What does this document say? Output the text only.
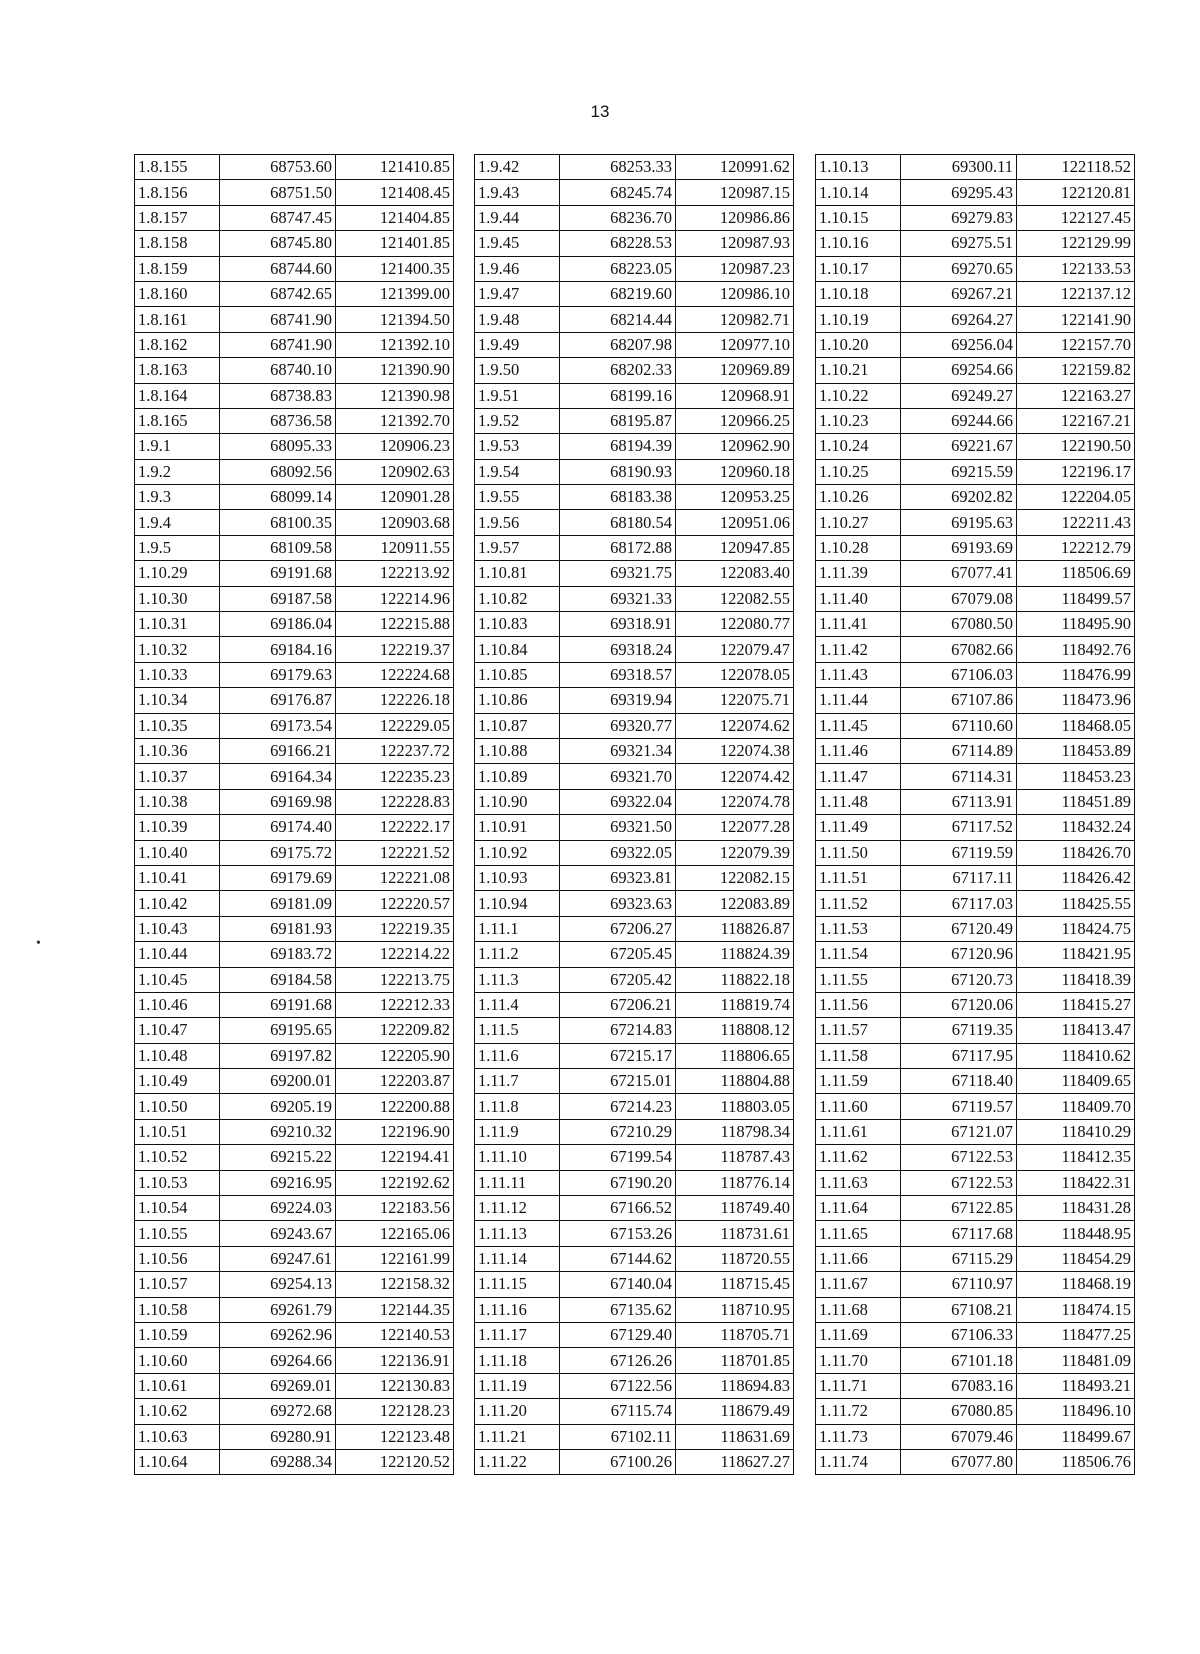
13
•
1.8.155	68753.60	121410.85
1.8.156	68751.50	121408.45
1.8.157	68747.45	121404.85
1.8.158	68745.80	121401.85
1.8.159	68744.60	121400.35
1.8.160	68742.65	121399.00
1.8.161	68741.90	121394.50
1.8.162	68741.90	121392.10
1.8.163	68740.10	121390.90
1.8.164	68738.83	121390.98
1.8.165	68736.58	121392.70
1.9.1	68095.33	120906.23
1.9.2	68092.56	120902.63
1.9.3	68099.14	120901.28
1.9.4	68100.35	120903.68
1.9.5	68109.58	120911.55
1.10.29	69191.68	122213.92
1.10.30	69187.58	122214.96
1.10.31	69186.04	122215.88
1.10.32	69184.16	122219.37
1.10.33	69179.63	122224.68
1.10.34	69176.87	122226.18
1.10.35	69173.54	122229.05
1.10.36	69166.21	122237.72
1.10.37	69164.34	122235.23
1.10.38	69169.98	122228.83
1.10.39	69174.40	122222.17
1.10.40	69175.72	122221.52
1.10.41	69179.69	122221.08
1.10.42	69181.09	122220.57
1.10.43	69181.93	122219.35
1.10.44	69183.72	122214.22
1.10.45	69184.58	122213.75
1.10.46	69191.68	122212.33
1.10.47	69195.65	122209.82
1.10.48	69197.82	122205.90
1.10.49	69200.01	122203.87
1.10.50	69205.19	122200.88
1.10.51	69210.32	122196.90
1.10.52	69215.22	122194.41
1.10.53	69216.95	122192.62
1.10.54	69224.03	122183.56
1.10.55	69243.67	122165.06
1.10.56	69247.61	122161.99
1.10.57	69254.13	122158.32
1.10.58	69261.79	122144.35
1.10.59	69262.96	122140.53
1.10.60	69264.66	122136.91
1.10.61	69269.01	122130.83
1.10.62	69272.68	122128.23
1.10.63	69280.91	122123.48
1.10.64	69288.34	122120.52
1.9.42	68253.33	120991.62
1.9.43	68245.74	120987.15
1.9.44	68236.70	120986.86
1.9.45	68228.53	120987.93
1.9.46	68223.05	120987.23
1.9.47	68219.60	120986.10
1.9.48	68214.44	120982.71
1.9.49	68207.98	120977.10
1.9.50	68202.33	120969.89
1.9.51	68199.16	120968.91
1.9.52	68195.87	120966.25
1.9.53	68194.39	120962.90
1.9.54	68190.93	120960.18
1.9.55	68183.38	120953.25
1.9.56	68180.54	120951.06
1.9.57	68172.88	120947.85
1.10.81	69321.75	122083.40
1.10.82	69321.33	122082.55
1.10.83	69318.91	122080.77
1.10.84	69318.24	122079.47
1.10.85	69318.57	122078.05
1.10.86	69319.94	122075.71
1.10.87	69320.77	122074.62
1.10.88	69321.34	122074.38
1.10.89	69321.70	122074.42
1.10.90	69322.04	122074.78
1.10.91	69321.50	122077.28
1.10.92	69322.05	122079.39
1.10.93	69323.81	122082.15
1.10.94	69323.63	122083.89
1.11.1	67206.27	118826.87
1.11.2	67205.45	118824.39
1.11.3	67205.42	118822.18
1.11.4	67206.21	118819.74
1.11.5	67214.83	118808.12
1.11.6	67215.17	118806.65
1.11.7	67215.01	118804.88
1.11.8	67214.23	118803.05
1.11.9	67210.29	118798.34
1.11.10	67199.54	118787.43
1.11.11	67190.20	118776.14
1.11.12	67166.52	118749.40
1.11.13	67153.26	118731.61
1.11.14	67144.62	118720.55
1.11.15	67140.04	118715.45
1.11.16	67135.62	118710.95
1.11.17	67129.40	118705.71
1.11.18	67126.26	118701.85
1.11.19	67122.56	118694.83
1.11.20	67115.74	118679.49
1.11.21	67102.11	118631.69
1.11.22	67100.26	118627.27
1.10.13	69300.11	122118.52
1.10.14	69295.43	122120.81
1.10.15	69279.83	122127.45
1.10.16	69275.51	122129.99
1.10.17	69270.65	122133.53
1.10.18	69267.21	122137.12
1.10.19	69264.27	122141.90
1.10.20	69256.04	122157.70
1.10.21	69254.66	122159.82
1.10.22	69249.27	122163.27
1.10.23	69244.66	122167.21
1.10.24	69221.67	122190.50
1.10.25	69215.59	122196.17
1.10.26	69202.82	122204.05
1.10.27	69195.63	122211.43
1.10.28	69193.69	122212.79
1.11.39	67077.41	118506.69
1.11.40	67079.08	118499.57
1.11.41	67080.50	118495.90
1.11.42	67082.66	118492.76
1.11.43	67106.03	118476.99
1.11.44	67107.86	118473.96
1.11.45	67110.60	118468.05
1.11.46	67114.89	118453.89
1.11.47	67114.31	118453.23
1.11.48	67113.91	118451.89
1.11.49	67117.52	118432.24
1.11.50	67119.59	118426.70
1.11.51	67117.11	118426.42
1.11.52	67117.03	118425.55
1.11.53	67120.49	118424.75
1.11.54	67120.96	118421.95
1.11.55	67120.73	118418.39
1.11.56	67120.06	118415.27
1.11.57	67119.35	118413.47
1.11.58	67117.95	118410.62
1.11.59	67118.40	118409.65
1.11.60	67119.57	118409.70
1.11.61	67121.07	118410.29
1.11.62	67122.53	118412.35
1.11.63	67122.53	118422.31
1.11.64	67122.85	118431.28
1.11.65	67117.68	118448.95
1.11.66	67115.29	118454.29
1.11.67	67110.97	118468.19
1.11.68	67108.21	118474.15
1.11.69	67106.33	118477.25
1.11.70	67101.18	118481.09
1.11.71	67083.16	118493.21
1.11.72	67080.85	118496.10
1.11.73	67079.46	118499.67
1.11.74	67077.80	118506.76
